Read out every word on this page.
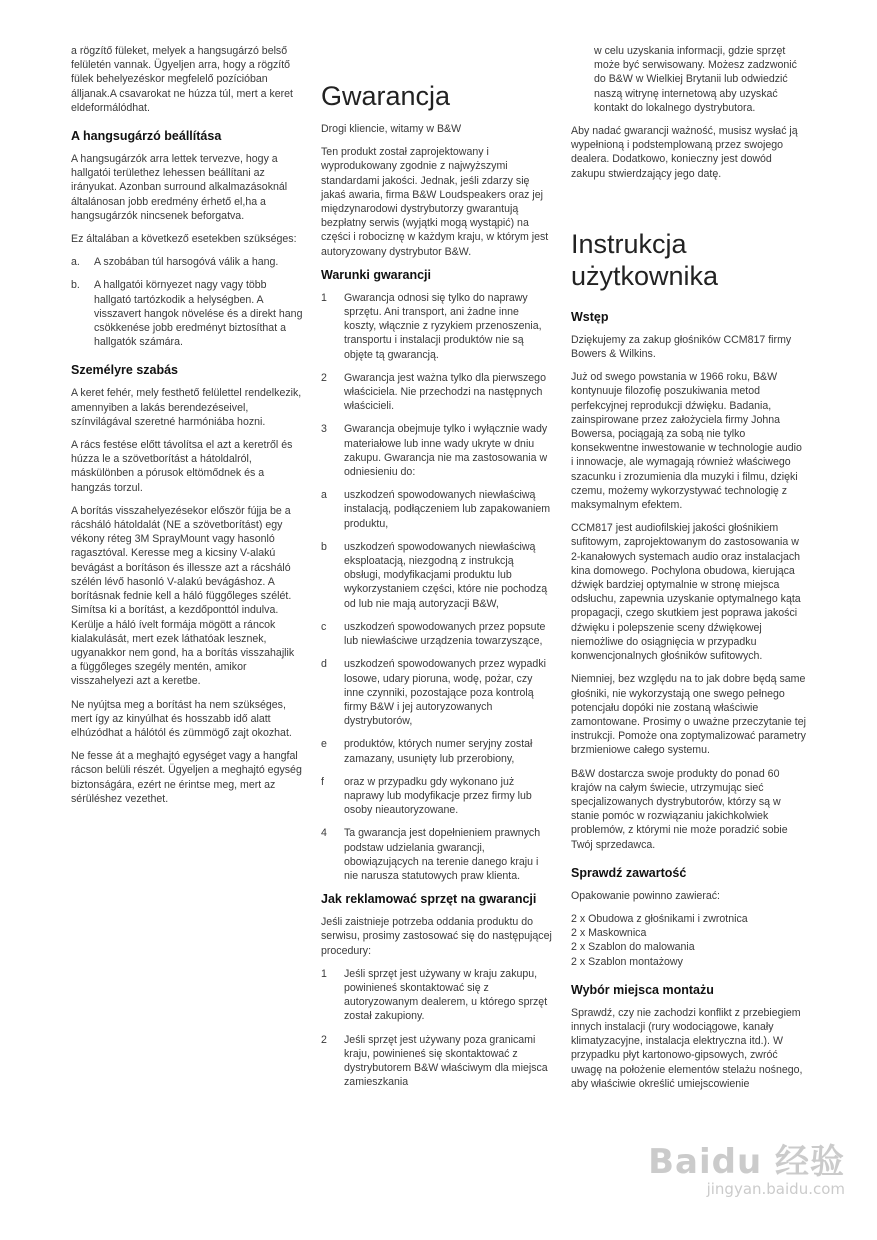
a rögzítő füleket, melyek a hangsugárzó belső felületén vannak. Ügyeljen arra, hogy a rögzítő fülek behelyezéskor megfelelő pozícióban álljanak.A csavarokat ne húzza túl, mert a keret eldeformálódhat.

A hangsugárzó beállítása

A hangsugárzók arra lettek tervezve, hogy a hallgatói területhez lehessen beállítani az irányukat. Azonban surround alkalmazásoknál általánosan jobb eredmény érhető el,ha a hangsugárzók nincsenek beforgatva.

Ez általában a következő esetekben szükséges:

a.	A szobában túl harsogóvá válik a hang.
b.	A hallgatói környezet nagy vagy több hallgató tartózkodik a helységben. A visszavert hangok növelése és a direkt hang csökkenése jobb eredményt biztosíthat a hallgatók számára.
Személyre szabás

A keret fehér, mely festhető felülettel rendelkezik, amennyiben a lakás berendezéseivel, színvilágával szeretné harmóniába hozni.

A rács festése előtt távolítsa el azt a keretről és húzza le a szövetborítást a hátoldalról, máskülönben a pórusok eltömődnek és a hangzás torzul.

A borítás visszahelyezésekor először fújja be a rácsháló hátoldalát (NE a szövetborítást) egy vékony réteg 3M SprayMount vagy hasonló ragasztóval. Keresse meg a kicsiny V-alakú bevágást a borításon és illessze azt a rácsháló szélén lévő hasonló V-alakú bevágáshoz. A borításnak fednie kell a háló függőleges szélét. Simítsa ki a borítást, a kezdőponttól indulva. Kerülje a háló ívelt formája mögött a ráncok kialakulását, mert ezek láthatóak lesznek, ugyanakkor nem gond, ha a borítás visszahajlik a függőleges szegély mentén, amikor visszahelyezi azt a keretbe.

Ne nyújtsa meg a borítást ha nem szükséges, mert így az kinyúlhat és hosszabb idő alatt elhúzódhat a hálótól és zümmögő zajt okozhat.

Ne fesse át a meghajtó egységet vagy a hangfal rácson belüli részét. Ügyeljen a meghajtó egység biztonságára, ezért ne érintse meg, mert az sérüléshez vezethet.

Gwarancja

Drogi kliencie, witamy w B&W

Ten produkt został zaprojektowany i wyprodukowany zgodnie z najwyższymi standardami jakości. Jednak, jeśli zdarzy się jakaś awaria, firma B&W Loudspeakers oraz jej międzynarodowi dystrybutorzy gwarantują bezpłatny serwis (wyjątki mogą wystąpić) na części i robociznę w każdym kraju, w którym jest autoryzowany dystrybutor B&W.

Warunki gwarancji
1	Gwarancja odnosi się tylko do naprawy sprzętu. Ani transport, ani żadne inne koszty, włącznie z ryzykiem przenoszenia, transportu i instalacji produktów nie są objęte tą gwarancją.
2	Gwarancja jest ważna tylko dla pierwszego właściciela. Nie przechodzi na następnych właścicieli.
3	Gwarancja obejmuje tylko i wyłącznie wady materiałowe lub inne wady ukryte w dniu zakupu. Gwarancja nie ma zastosowania w odniesieniu do:
a	uszkodzeń spowodowanych niewłaściwą instalacją, podłączeniem lub zapakowaniem produktu,
b	uszkodzeń spowodowanych niewłaściwą eksploatacją, niezgodną z instrukcją obsługi, modyfikacjami produktu lub wykorzystaniem części, które nie pochodzą od lub nie mają autoryzacji B&W,
c	uszkodzeń spowodowanych przez popsute lub niewłaściwe urządzenia towarzyszące,
d	uszkodzeń spowodowanych przez wypadki losowe, udary pioruna, wodę, pożar, czy inne czynniki, pozostające poza kontrolą firmy B&W i jej autoryzowanych dystrybutorów,
e	produktów, których numer seryjny został zamazany, usunięty lub przerobiony,
f	oraz w przypadku gdy wykonano już naprawy lub modyfikacje przez firmy lub osoby nieautoryzowane.
4	Ta gwarancja jest dopełnieniem prawnych podstaw udzielania gwarancji, obowiązujących na terenie danego kraju i nie narusza statutowych praw klienta.
Jak reklamować sprzęt na gwarancji

Jeśli zaistnieje potrzeba oddania produktu do serwisu, prosimy zastosować się do następującej procedury:

1	Jeśli sprzęt jest używany w kraju zakupu, powinieneś skontaktować się z autoryzowanym dealerem, u którego sprzęt został zakupiony.
2	Jeśli sprzęt jest używany poza granicami kraju, powinieneś się skontaktować z dystrybutorem B&W właściwym dla miejsca zamieszkania

w celu uzyskania informacji, gdzie sprzęt może być serwisowany. Możesz zadzwonić do B&W w Wielkiej Brytanii lub odwiedzić naszą witrynę internetową aby uzyskać kontakt do lokalnego dystrybutora.

Aby nadać gwarancji ważność, musisz wysłać ją wypełnioną i podstemplowaną przez swojego dealera. Dodatkowo, konieczny jest dowód zakupu stwierdzający jego datę.

Instrukcja
użytkownika
Wstęp

Dziękujemy za zakup głośników CCM817 firmy Bowers & Wilkins.

Już od swego powstania w 1966 roku, B&W kontynuuje filozofię poszukiwania metod perfekcyjnej reprodukcji dźwięku. Badania, zainspirowane przez założyciela firmy Johna Bowersa, pociągają za sobą nie tylko konsekwentne inwestowanie w technologie audio i innowacje, ale wymagają również właściwego szacunku i zrozumienia dla muzyki i filmu, dzięki czemu, możemy wykorzystywać technologię z maksymalnym efektem.

CCM817 jest audiofilskiej jakości głośnikiem sufitowym, zaprojektowanym do zastosowania w 2-kanałowych systemach audio oraz instalacjach kina domowego. Pochylona obudowa, kierująca dźwięk bardziej optymalnie w stronę miejsca odsłuchu, zapewnia uzyskanie optymalnego kąta propagacji, czego skutkiem jest poprawa jakości dźwięku i polepszenie sceny dźwiękowej niemożliwe do osiągnięcia w przypadku konwencjonalnych głośników sufitowych.

Niemniej, bez względu na to jak dobre będą same głośniki, nie wykorzystają one swego pełnego potencjału dopóki nie zostaną właściwie zamontowane. Prosimy o uważne przeczytanie tej instrukcji. Pomoże ona zoptymalizować parametry brzmieniowe całego systemu.

B&W dostarcza swoje produkty do ponad 60 krajów na całym świecie, utrzymując sieć specjalizowanych dystrybutorów, którzy są w stanie pomóc w rozwiązaniu jakichkolwiek problemów, z którymi nie może poradzić sobie Twój sprzedawca.

Sprawdź zawartość

Opakowanie powinno zawierać:

2 x Obudowa z głośnikami i zwrotnica

2 x Maskownica

2 x Szablon do malowania

2 x Szablon montażowy

Wybór miejsca montażu

Sprawdź, czy nie zachodzi konflikt z przebiegiem innych instalacji (rury wodociągowe, kanały klimatyzacyjne, instalacja elektryczna itd.). W przypadku płyt kartonowo-gipsowych, zwróć uwagę na położenie elementów stelażu nośnego, aby właściwie określić umiejscowienie

Baidu 经验
jingyan.baidu.com
